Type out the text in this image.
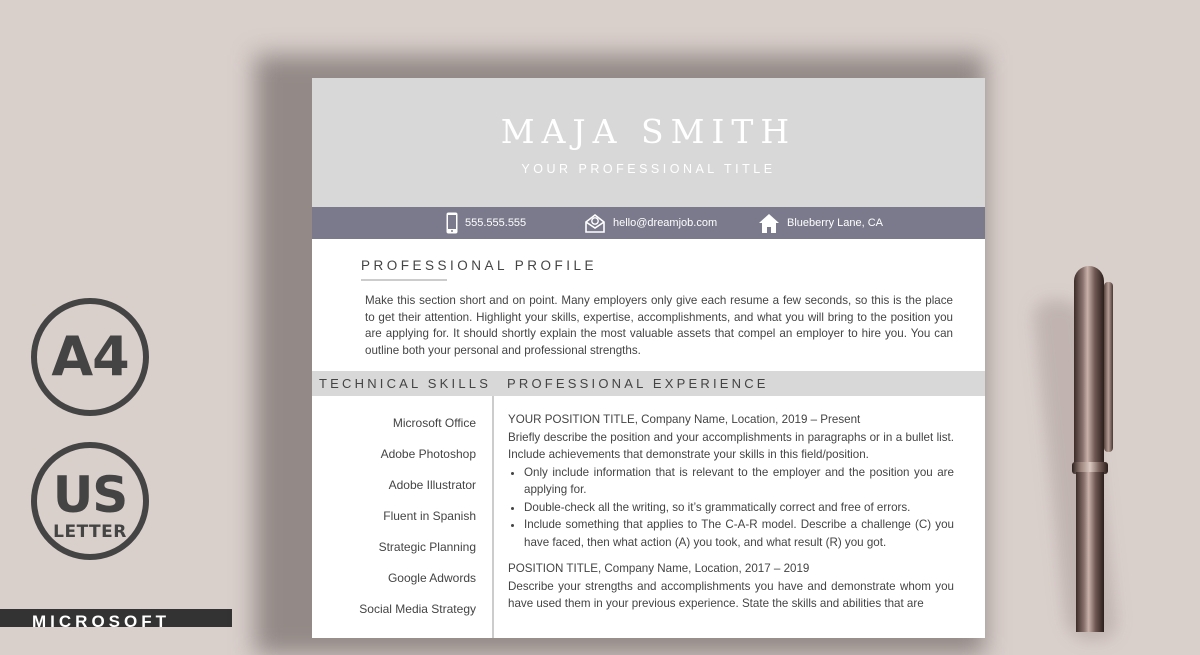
A4
US
LETTER
MICROSOFT
MAJA SMITH
YOUR PROFESSIONAL TITLE
555.555.555	hello@dreamjob.com	Blueberry Lane, CA
PROFESSIONAL PROFILE
Make this section short and on point. Many employers only give each resume a few seconds, so this is the place to get their attention. Highlight your skills, expertise, accomplishments, and what you will bring to the position you are applying for. It should shortly explain the most valuable assets that compel an employer to hire you. You can outline both your personal and professional strengths.
TECHNICAL SKILLS PROFESSIONAL EXPERIENCE
Microsoft Office
Adobe Photoshop
Adobe Illustrator
Fluent in Spanish
Strategic Planning
Google Adwords
Social Media Strategy

YOUR POSITION TITLE, Company Name, Location, 2019 – Present

Briefly describe the position and your accomplishments in paragraphs or in a bullet list. Include achievements that demonstrate your skills in this field/position.

• Only include information that is relevant to the employer and the position you are applying for.
• Double-check all the writing, so it’s grammatically correct and free of errors.
• Include something that applies to The C-A-R model. Describe a challenge (C) you have faced, then what action (A) you took, and what result (R) you got.

POSITION TITLE, Company Name, Location, 2017 – 2019

Describe your strengths and accomplishments you have and demonstrate whom you have used them in your previous experience. State the skills and abilities that are
